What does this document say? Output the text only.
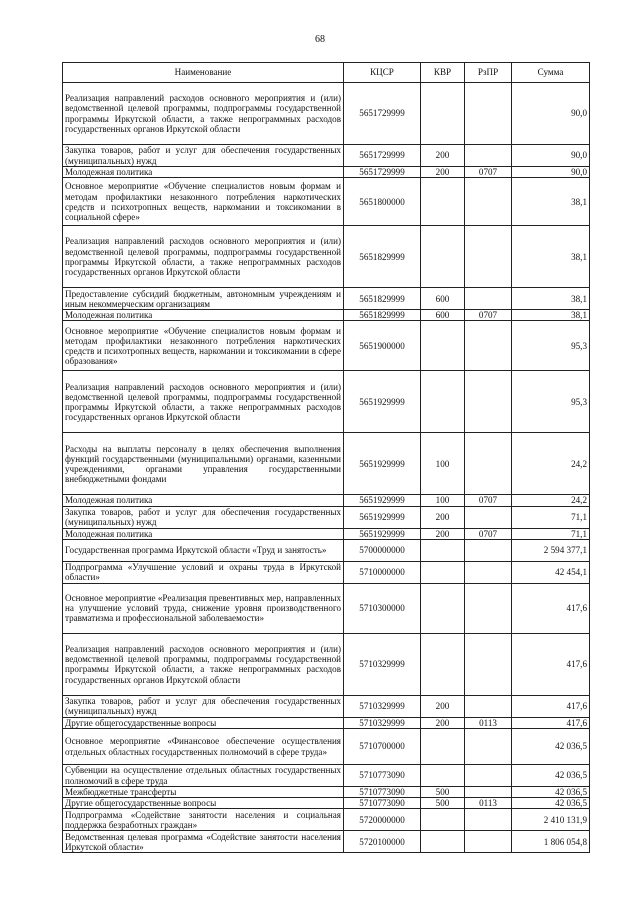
68
Наименование	КЦСР	КВР	РзПР	Сумма
Реализация направлений расходов основного мероприятия и (или) ведомственной целевой программы, подпрограммы государственной программы Иркутской области, а также непрограммных расходов государственных органов Иркутской области	5651729999			90,0
Закупка товаров, работ и услуг для обеспечения государственных (муниципальных) нужд	5651729999	200		90,0
Молодежная политика	5651729999	200	0707	90,0
Основное мероприятие «Обучение специалистов новым формам и методам профилактики незаконного потребления наркотических средств и психотропных веществ, наркомании и токсикомании в социальной сфере»	5651800000			38,1
Реализация направлений расходов основного мероприятия и (или) ведомственной целевой программы, подпрограммы государственной программы Иркутской области, а также непрограммных расходов государственных органов Иркутской области	5651829999			38,1
Предоставление субсидий бюджетным, автономным учреждениям и иным некоммерческим организациям	5651829999	600		38,1
Молодежная политика	5651829999	600	0707	38,1
Основное мероприятие «Обучение специалистов новым формам и методам профилактики незаконного потребления наркотических средств и психотропных веществ, наркомании и токсикомании в сфере образования»	5651900000			95,3
Реализация направлений расходов основного мероприятия и (или) ведомственной целевой программы, подпрограммы государственной программы Иркутской области, а также непрограммных расходов государственных органов Иркутской области	5651929999			95,3
Расходы на выплаты персоналу в целях обеспечения выполнения функций государственными (муниципальными) органами, казенными учреждениями, органами управления государственными внебюджетными фондами	5651929999	100		24,2
Молодежная политика	5651929999	100	0707	24,2
Закупка товаров, работ и услуг для обеспечения государственных (муниципальных) нужд	5651929999	200		71,1
Молодежная политика	5651929999	200	0707	71,1
Государственная программа Иркутской области «Труд и занятость»	5700000000			2 594 377,1
Подпрограмма «Улучшение условий и охраны труда в Иркутской области»	5710000000			42 454,1
Основное мероприятие «Реализация превентивных мер, направленных на улучшение условий труда, снижение уровня производственного травматизма и профессиональной заболеваемости»	5710300000			417,6
Реализация направлений расходов основного мероприятия и (или) ведомственной целевой программы, подпрограммы государственной программы Иркутской области, а также непрограммных расходов государственных органов Иркутской области	5710329999			417,6
Закупка товаров, работ и услуг для обеспечения государственных (муниципальных) нужд	5710329999	200		417,6
Другие общегосударственные вопросы	5710329999	200	0113	417,6
Основное мероприятие «Финансовое обеспечение осуществления отдельных областных государственных полномочий в сфере труда»	5710700000			42 036,5
Субвенции на осуществление отдельных областных государственных полномочий в сфере труда	5710773090			42 036,5
Межбюджетные трансферты	5710773090	500		42 036,5
Другие общегосударственные вопросы	5710773090	500	0113	42 036,5
Подпрограмма «Содействие занятости населения и социальная поддержка безработных граждан»	5720000000			2 410 131,9
Ведомственная целевая программа «Содействие занятости населения Иркутской области»	5720100000			1 806 054,8
